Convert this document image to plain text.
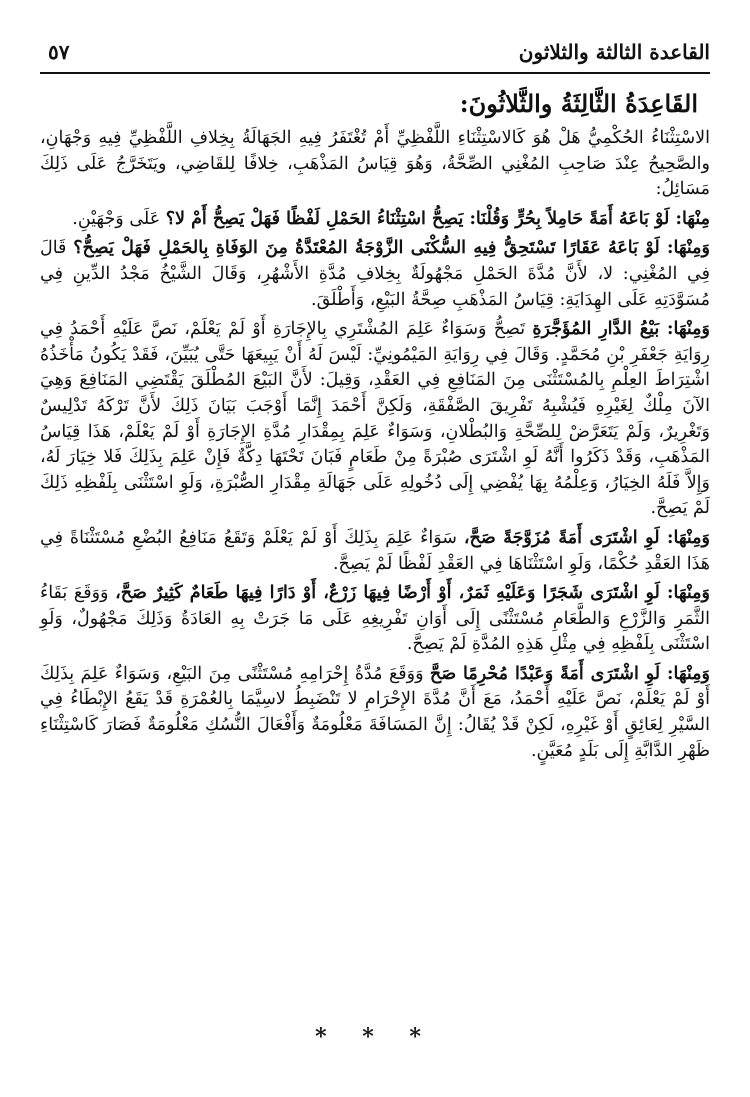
القاعدة الثالثة والثلاثون
٥٧
القَاعِدَةُ الثَّالِثَةُ والثَّلاثُونَ:

الاسْتِثْنَاءُ الحُكْمِيُّ هَلْ هُوَ كَالاسْتِثْنَاءِ اللَّفْظِيِّ أَمْ تُغْتَفَرُ فِيهِ الجَهَالَةُ بِخِلافِ اللَّفْظِيِّ فِيهِ وَجْهَانِ، والصَّحِيحُ عِنْدَ صَاحِبِ المُغْنِي الصِّحَّةُ، وَهُوَ قِيَاسُ المَذْهَبِ، خِلافًا لِلقَاضِي، ويَتَخَرَّجُ عَلَى ذَلِكَ مَسَائِلُ:

مِنْهَا: لَوْ بَاعَهُ أَمَةً حَامِلاً بِحُرٍّ وَقُلْنَا: يَصِحُّ اسْتِثْنَاءُ الحَمْلِ لَفْظًا فَهَلْ يَصِحُّ أَمْ لا؟ عَلَى وَجْهَيْنِ.

وَمِنْهَا: لَوْ بَاعَهُ عَقَارًا تَسْتَحِقُّ فِيهِ السُّكْنَى الزَّوْجَةُ المُعْتَدَّةُ مِنَ الوَفَاةِ بِالحَمْلِ فَهَلْ يَصِحُّ؟ قَالَ فِي المُغْنِي: لا، لأَنَّ مُدَّةَ الحَمْلِ مَجْهُولَةٌ بِخِلافِ مُدَّةِ الأَشْهُرِ، وَقَالَ الشَّيْخُ مَجْدُ الدِّينِ فِي مُسَوَّدَتِهِ عَلَى الهِدَايَةِ: قِيَاسُ المَذْهَبِ صِحَّةُ البَيْعِ، وَأَطْلَقَ.

وَمِنْهَا: بَيْعُ الدَّارِ المُؤَجَّرَةِ تَصِحُّ وَسَوَاءٌ عَلِمَ المُشْتَرِي بِالإِجَارَةِ أَوْ لَمْ يَعْلَمْ، نَصَّ عَلَيْهِ أَحْمَدُ فِي رِوَايَةِ جَعْفَرِ بْنِ مُحَمَّدٍ. وَقَالَ فِي رِوَايَةِ المَيْمُونِيِّ: لَيْسَ لَهُ أَنْ يَبِيعَهَا حَتَّى يُبَيِّنَ، فَقَدْ يَكُونُ مَأْخَذُهُ اشْتِرَاطَ العِلْمِ بِالمُسْتَثْنَى مِنَ المَنَافِعِ فِي العَقْدِ، وَقِيلَ: لأَنَّ البَيْعَ المُطْلَقَ يَقْتَضِي المَنَافِعَ وَهِيَ الآنَ مِلْكٌ لِغَيْرِهِ فَيُشْبِهُ تَفْرِيقَ الصَّفْقَةِ، وَلَكِنَّ أَحْمَدَ إِنَّمَا أَوْجَبَ بَيَانَ ذَلِكَ لأَنَّ تَرْكَهُ تَدْلِيسٌ وَتَغْرِيرٌ، وَلَمْ يَتَعَرَّضْ لِلصِّحَّةِ وَالبُطْلانِ، وَسَوَاءٌ عَلِمَ بِمِقْدَارِ مُدَّةِ الإِجَارَةِ أَوْ لَمْ يَعْلَمْ، هَذَا قِيَاسُ المَذْهَبِ، وَقَدْ ذَكَرُوا أَنَّهُ لَوِ اشْتَرَى صُبْرَةً مِنْ طَعَامٍ فَبَانَ تَحْتَهَا دِكَّةٌ فَإِنْ عَلِمَ بِذَلِكَ فَلا خِيَارَ لَهُ، وَإِلاَّ فَلَهُ الخِيَارُ، وَعِلْمُهُ بِهَا يُفْضِي إِلَى دُخُولِهِ عَلَى جَهَالَةِ مِقْدَارِ الصُّبْرَةِ، وَلَوِ اسْتَثْنَى بِلَفْظِهِ ذَلِكَ لَمْ يَصِحَّ.

وَمِنْهَا: لَوِ اشْتَرَى أَمَةً مُزَوَّجَةً صَحَّ، سَوَاءٌ عَلِمَ بِذَلِكَ أَوْ لَمْ يَعْلَمْ وَتَقَعُ مَنَافِعُ البُضْعِ مُسْتَثْنَاةً فِي هَذَا العَقْدِ حُكْمًا، وَلَوِ اسْتَثْنَاهَا فِي العَقْدِ لَفْظًا لَمْ يَصِحَّ.

وَمِنْهَا: لَوِ اشْتَرَى شَجَرًا وَعَلَيْهِ ثَمَرٌ، أَوْ أَرْضًا فِيهَا زَرْعٌ، أَوْ دَارًا فِيهَا طَعَامٌ كَثِيرٌ صَحَّ، وَوَقَعَ بَقَاءُ الثَّمَرِ وَالزَّرْعِ وَالطَّعَامِ مُسْتَثْنًى إِلَى أَوَانِ تَفْرِيغِهِ عَلَى مَا جَرَتْ بِهِ العَادَةُ وَذَلِكَ مَجْهُولٌ، وَلَوِ اسْتَثْنَى بِلَفْظِهِ فِي مِثْلِ هَذِهِ المُدَّةِ لَمْ يَصِحَّ.

وَمِنْهَا: لَوِ اشْتَرَى أَمَةً وَعَبْدًا مُحْرِمًا صَحَّ وَوَقَعَ مُدَّةُ إِحْرَامِهِ مُسْتَثْنًى مِنَ البَيْعِ، وَسَوَاءٌ عَلِمَ بِذَلِكَ أَوْ لَمْ يَعْلَمْ، نَصَّ عَلَيْهِ أَحْمَدُ، مَعَ أَنَّ مُدَّةَ الإِحْرَامِ لا تَنْضَبِطُ لاسِيَّمَا بِالعُمْرَةِ قَدْ يَقَعُ الإِبْطَاءُ فِي السَّيْرِ لِعَائِقٍ أَوْ غَيْرِهِ، لَكِنْ قَدْ يُقَالُ: إِنَّ المَسَافَةَ مَعْلُومَةٌ وَأَفْعَالَ النُّسُكِ مَعْلُومَةٌ فَصَارَ كَاسْتِثْنَاءِ ظَهْرِ الدَّابَّةِ إِلَى بَلَدٍ مُعَيَّنٍ.

* * *
